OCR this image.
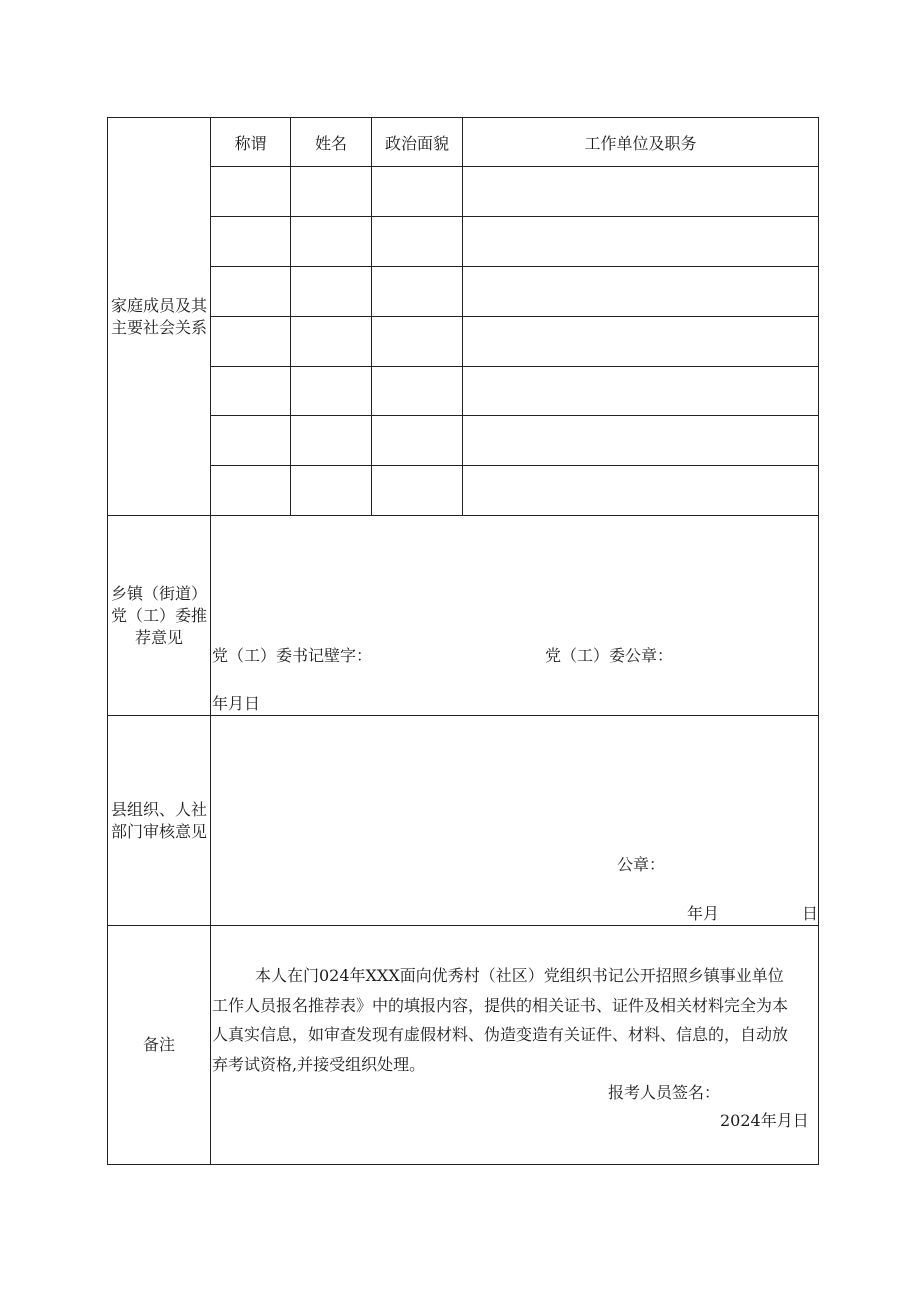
家庭成员及其
主要社会关系
称谓	姓名	政治面貌	工作单位及职务
乡镇（街道）
党（工）委推
荐意见
党（工）委书记壁字：	党（工）委公章：
年月日
县组织、人社
部门审核意见
公章：
年月	日
备注
本人在门024年XXX面向优秀村（社区）党组织书记公开招照乡镇事业单位
工作人员报名推荐表》中的填报内容，提供的相关证书、证件及相关材料完全为本
人真实信息，如审查发现有虚假材料、伪造变造有关证件、材料、信息的，自动放
弃考试资格,并接受组织处理。
报考人员签名：
2024年月日
